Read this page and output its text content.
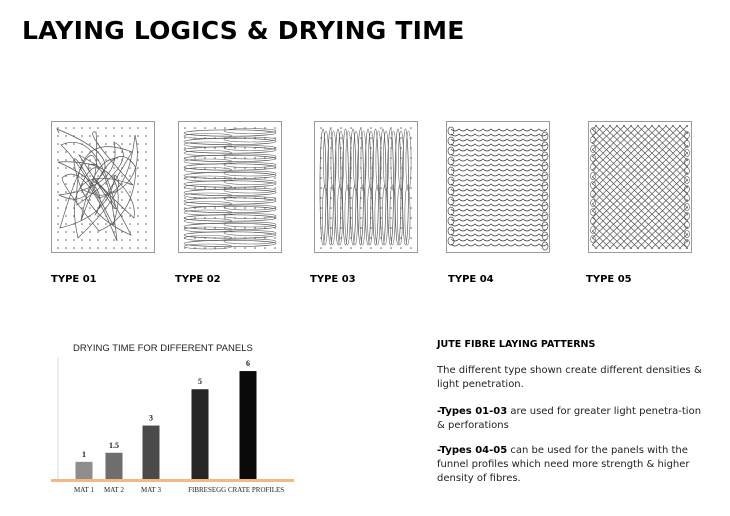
LAYING LOGICS & DRYING TIME
TYPE 01	TYPE 02	TYPE 03	TYPE 04	TYPE 05
DRYING TIME FOR DIFFERENT PANELS
1
MAT 1
1.5
MAT 2
3
MAT 3
5
FIBRES
6
EGG CRATE PROFILES
JUTE FIBRE LAYING PATTERNS

The different type shown create different densities & light penetration.

-Types 01-03 are used for greater light penetra-tion & perforations

-Types 04-05 can be used for the panels with the funnel profiles which need more strength & higher density of fibres.
